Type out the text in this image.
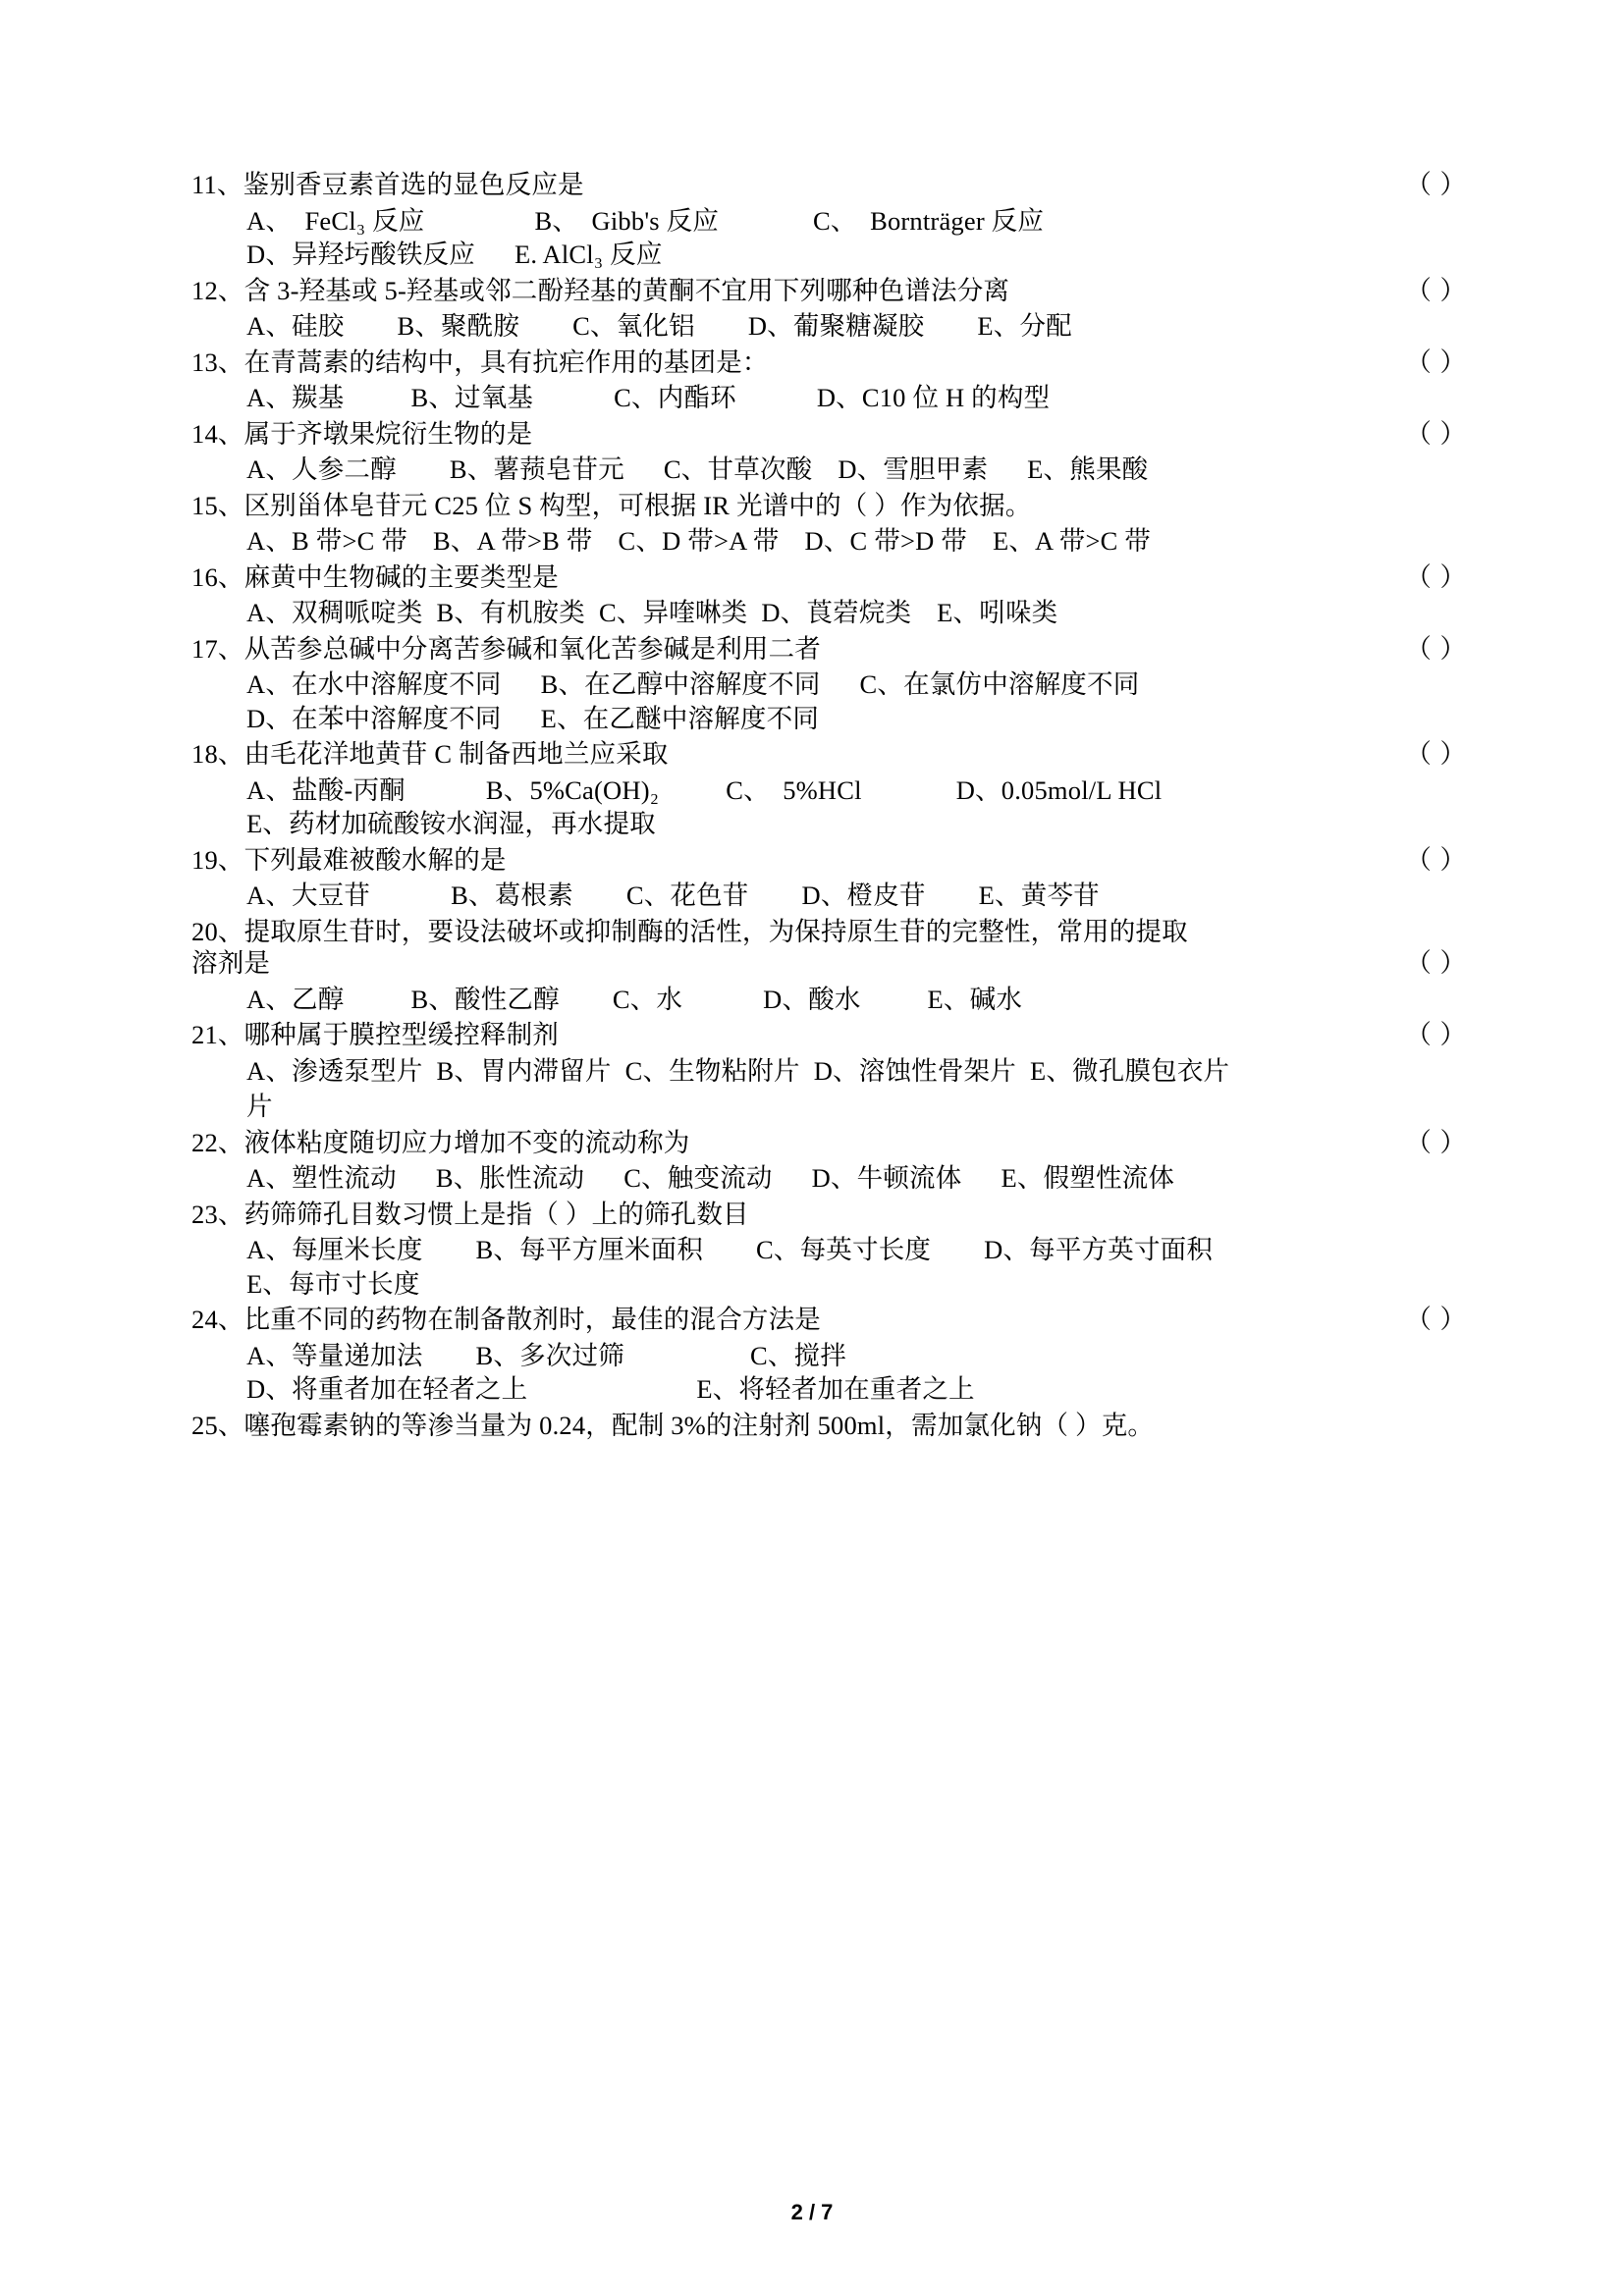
11、鉴别香豆素首选的显色反应是	（ ）
A、　FeCl₃ 反应	B、　Gibb's 反应	C、　Bornträger 反应
D、异羟圬酸铁反应 E. AlCl₃ 反应
12、含 3-羟基或 5-羟基或邻二酚羟基的黄酮不宜用下列哪种色谱法分离	（ ）
A、硅胶 B、聚酰胺 C、氧化铝 D、葡聚糖凝胶 E、分配
13、在青蒿素的结构中，具有抗疟作用的基团是：	（ ）
A、羰基	B、过氧基	C、内酯环	D、C10 位 H 的构型
14、属于齐墩果烷衍生物的是	（ ）
A、人参二醇 B、薯蓣皂苷元 C、甘草次酸 D、雪胆甲素 E、熊果酸
15、区别甾体皂苷元 C25 位 S 构型，可根据 IR 光谱中的（ ）作为依据。
A、B 带>C 带 B、A 带>B 带 C、D 带>A 带 D、C 带>D 带 E、A 带>C 带
16、麻黄中生物碱的主要类型是	（ ）
A、双稠哌啶类 B、有机胺类 C、异喹啉类 D、莨菪烷类 E、吲哚类
17、从苦参总碱中分离苦参碱和氧化苦参碱是利用二者	（ ）
A、在水中溶解度不同 B、在乙醇中溶解度不同 C、在氯仿中溶解度不同
D、在苯中溶解度不同 E、在乙醚中溶解度不同
18、由毛花洋地黄苷 C 制备西地兰应采取	（ ）
A、盐酸-丙酮	B、5%Ca(OH)₂	C、　5%HCl	D、0.05mol/L HCl
E、药材加硫酸铵水润湿，再水提取
19、下列最难被酸水解的是	（ ）
A、大豆苷	B、葛根素 C、花色苷 D、橙皮苷 E、黄芩苷
20、提取原生苷时，要设法破坏或抑制酶的活性，为保持原生苷的完整性，常用的提取
溶剂是	（ ）
A、乙醇	B、酸性乙醇 C、水	D、酸水	E、碱水
21、哪种属于膜控型缓控释制剂	（ ）
A、渗透泵型片 B、胃内滞留片 C、生物粘附片 D、溶蚀性骨架片 E、微孔膜包衣片
片
22、液体粘度随切应力增加不变的流动称为	（ ）
A、塑性流动 B、胀性流动 C、触变流动 D、牛顿流体 E、假塑性流体
23、药筛筛孔目数习惯上是指（ ）上的筛孔数目
A、每厘米长度 B、每平方厘米面积 C、每英寸长度 D、每平方英寸面积
E、每市寸长度
24、比重不同的药物在制备散剂时，最佳的混合方法是	（ ）
A、等量递加法 B、多次过筛	C、搅拌
D、将重者加在轻者之上	E、将轻者加在重者之上
25、噻孢霉素钠的等渗当量为 0.24，配制 3%的注射剂 500ml，需加氯化钠（ ）克。
2 / 7
